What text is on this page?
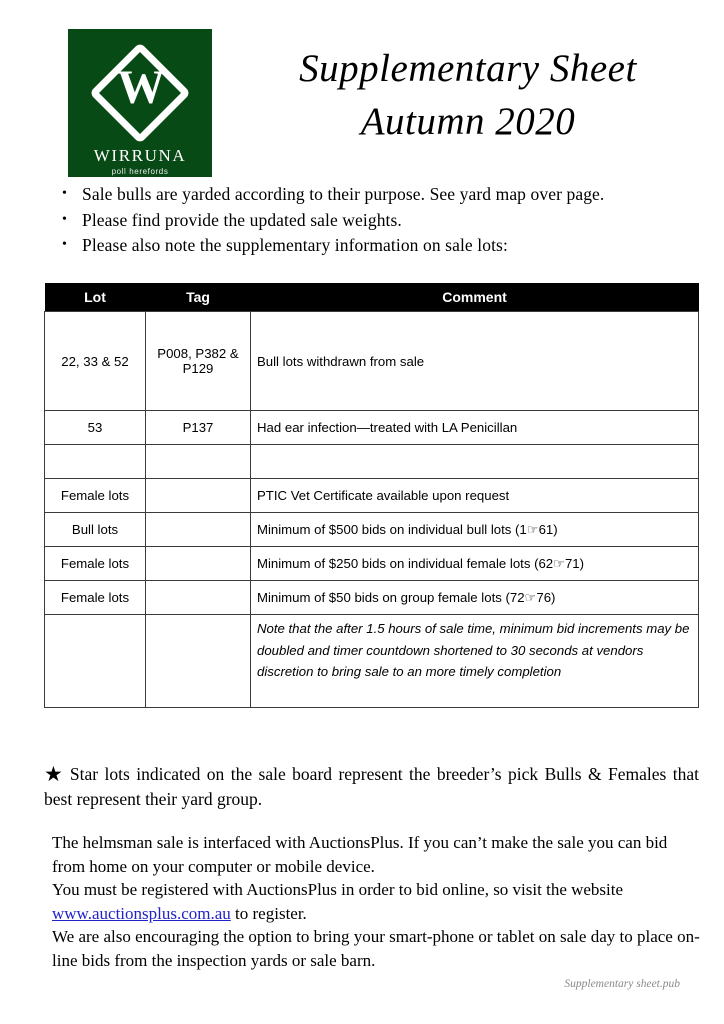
W
WIRRUNA
poll herefords
Supplementary Sheet
Autumn 2020
• Sale bulls are yarded according to their purpose. See yard map over page.
• Please find provide the updated sale weights.
• Please also note the supplementary information on sale lots:
Lot	Tag	Comment
22, 33 & 52	P008, P382 & P129	Bull lots withdrawn from sale
53	P137	Had ear infection—treated with LA Penicillan

Female lots		PTIC Vet Certificate available upon request
Bull lots		Minimum of $500 bids on individual bull lots (1☞61)
Female lots		Minimum of $250 bids on individual female lots (62☞71)
Female lots		Minimum of $50 bids on group female lots (72☞76)
		Note that the after 1.5 hours of sale time, minimum bid increments may be doubled and timer countdown shortened to 30 seconds at vendors discretion to bring sale to an more timely completion
★ Star lots indicated on the sale board represent the breeder’s pick Bulls & Females that best represent their yard group.

The helmsman sale is interfaced with AuctionsPlus. If you can’t make the sale you can bid from home on your computer or mobile device.

You must be registered with AuctionsPlus in order to bid online, so visit the website www.auctionsplus.com.au to register.

We are also encouraging the option to bring your smart-phone or tablet on sale day to place on-line bids from the inspection yards or sale barn.

Supplementary sheet.pub
